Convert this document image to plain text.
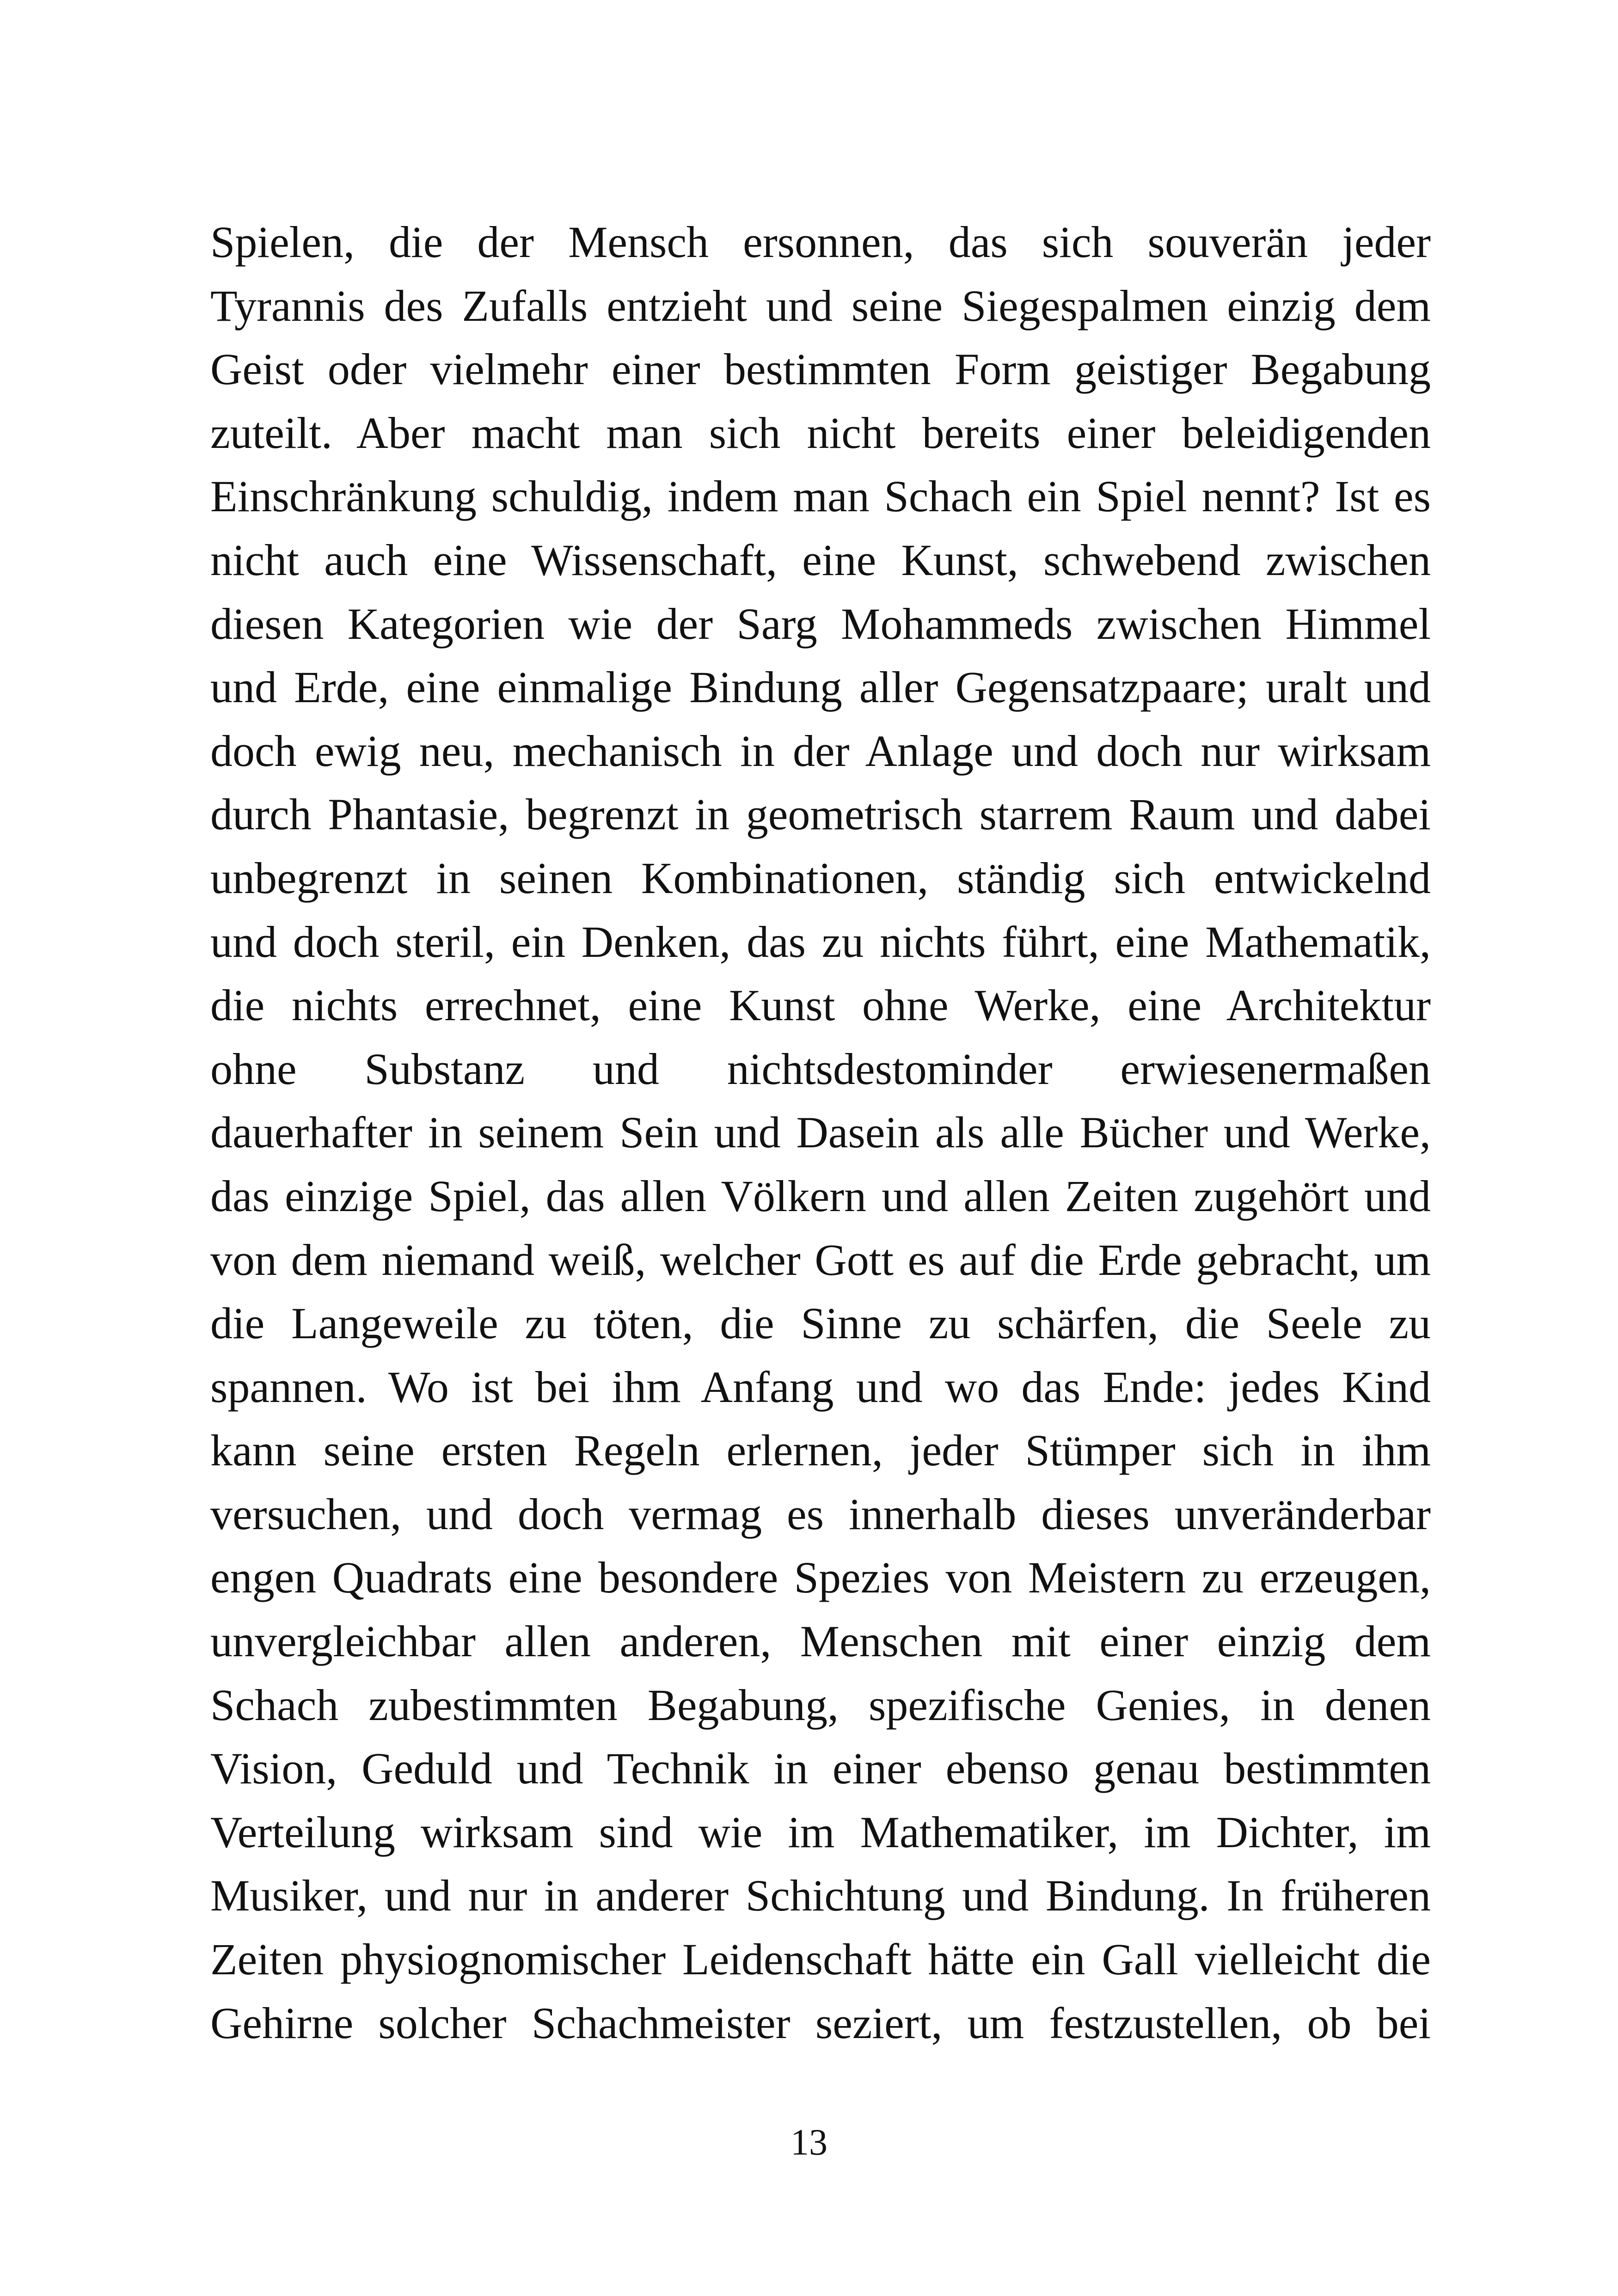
Spielen, die der Mensch ersonnen, das sich souverän jeder
Tyrannis des Zufalls entzieht und seine Siegespalmen einzig dem
Geist oder vielmehr einer bestimmten Form geistiger Begabung
zuteilt. Aber macht man sich nicht bereits einer beleidigenden
Einschränkung schuldig, indem man Schach ein Spiel nennt? Ist es
nicht auch eine Wissenschaft, eine Kunst, schwebend zwischen
diesen Kategorien wie der Sarg Mohammeds zwischen Himmel
und Erde, eine einmalige Bindung aller Gegensatzpaare; uralt und
doch ewig neu, mechanisch in der Anlage und doch nur wirksam
durch Phantasie, begrenzt in geometrisch starrem Raum und dabei
unbegrenzt in seinen Kombinationen, ständig sich entwickelnd
und doch steril, ein Denken, das zu nichts führt, eine Mathematik,
die nichts errechnet, eine Kunst ohne Werke, eine Architektur
ohne Substanz und nichtsdestominder erwiesenermaßen
dauerhafter in seinem Sein und Dasein als alle Bücher und Werke,
das einzige Spiel, das allen Völkern und allen Zeiten zugehört und
von dem niemand weiß, welcher Gott es auf die Erde gebracht, um
die Langeweile zu töten, die Sinne zu schärfen, die Seele zu
spannen. Wo ist bei ihm Anfang und wo das Ende: jedes Kind
kann seine ersten Regeln erlernen, jeder Stümper sich in ihm
versuchen, und doch vermag es innerhalb dieses unveränderbar
engen Quadrats eine besondere Spezies von Meistern zu erzeugen,
unvergleichbar allen anderen, Menschen mit einer einzig dem
Schach zubestimmten Begabung, spezifische Genies, in denen
Vision, Geduld und Technik in einer ebenso genau bestimmten
Verteilung wirksam sind wie im Mathematiker, im Dichter, im
Musiker, und nur in anderer Schichtung und Bindung. In früheren
Zeiten physiognomischer Leidenschaft hätte ein Gall vielleicht die
Gehirne solcher Schachmeister seziert, um festzustellen, ob bei
13
